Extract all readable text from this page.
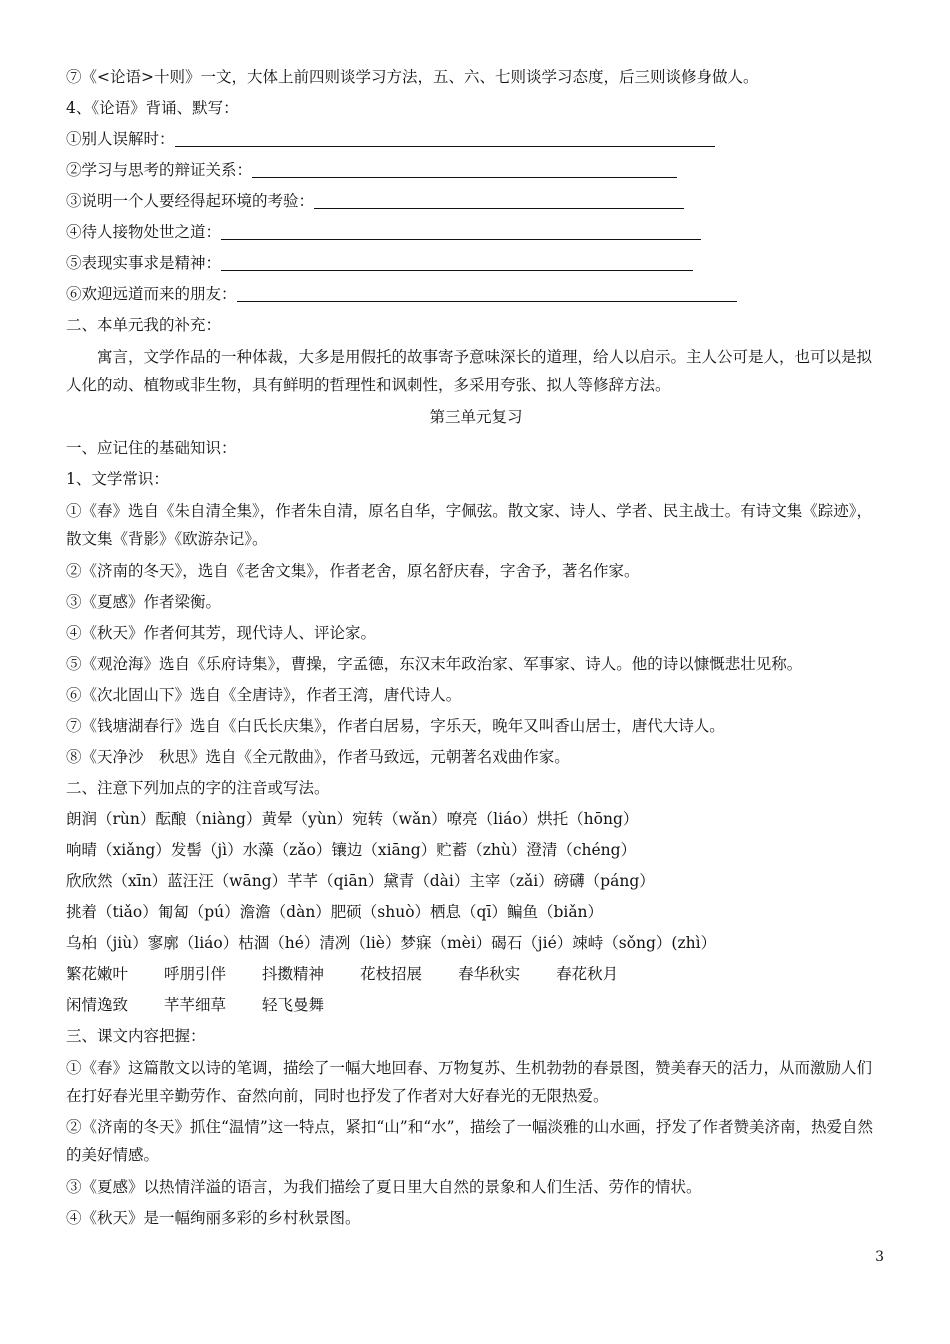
⑦《<论语>十则》一文，大体上前四则谈学习方法，五、六、七则谈学习态度，后三则谈修身做人。
4、《论语》背诵、默写：
①别人误解时：
②学习与思考的辩证关系：
③说明一个人要经得起环境的考验：
④待人接物处世之道：
⑤表现实事求是精神：
⑥欢迎远道而来的朋友：
二、本单元我的补充：
寓言，文学作品的一种体裁，大多是用假托的故事寄予意味深长的道理，给人以启示。主人公可是人，也可以是拟人化的动、植物或非生物，具有鲜明的哲理性和讽刺性，多采用夸张、拟人等修辞方法。
第三单元复习
一、应记住的基础知识：
1、文学常识：
①《春》选自《朱自清全集》，作者朱自清，原名自华，字佩弦。散文家、诗人、学者、民主战士。有诗文集《踪迹》，散文集《背影》《欧游杂记》。
②《济南的冬天》，选自《老舍文集》，作者老舍，原名舒庆春，字舍予，著名作家。
③《夏感》作者梁衡。
④《秋天》作者何其芳，现代诗人、评论家。
⑤《观沧海》选自《乐府诗集》，曹操，字孟德，东汉末年政治家、军事家、诗人。他的诗以慷慨悲壮见称。
⑥《次北固山下》选自《全唐诗》，作者王湾，唐代诗人。
⑦《钱塘湖春行》选自《白氏长庆集》，作者白居易，字乐天，晚年又叫香山居士，唐代大诗人。
⑧《天净沙　秋思》选自《全元散曲》，作者马致远，元朝著名戏曲作家。
二、注意下列加点的字的注音或写法。
朗润（rùn）酝酿（niàng）黄晕（yùn）宛转（wǎn）嘹亮（liáo）烘托（hōng）
响晴（xiǎng）发髻（jì）水藻（zǎo）镶边（xiāng）贮蓄（zhù）澄清（chéng）
欣欣然（xīn）蓝汪汪（wāng）芊芊（qiān）黛青（dài）主宰（zǎi）磅礴（páng）
挑着（tiǎo）匍匐（pú）澹澹（dàn）肥硕（shuò）栖息（qī）鳊鱼（biǎn）
乌桕（jiù）寥廓（liáo）枯涸（hé）清冽（liè）梦寐（mèi）碣石（jié）竦峙（sǒng）(zhì）
繁花嫩叶 呼朋引伴 抖擞精神 花枝招展 春华秋实 春花秋月
闲情逸致 芊芊细草 轻飞曼舞
三、课文内容把握：
①《春》这篇散文以诗的笔调，描绘了一幅大地回春、万物复苏、生机勃勃的春景图，赞美春天的活力，从而激励人们在打好春光里辛勤劳作、奋然向前，同时也抒发了作者对大好春光的无限热爱。
②《济南的冬天》抓住“温情”这一特点，紧扣“山”和“水”，描绘了一幅淡雅的山水画，抒发了作者赞美济南，热爱自然的美好情感。
③《夏感》以热情洋溢的语言，为我们描绘了夏日里大自然的景象和人们生活、劳作的情状。
④《秋天》是一幅绚丽多彩的乡村秋景图。
3
